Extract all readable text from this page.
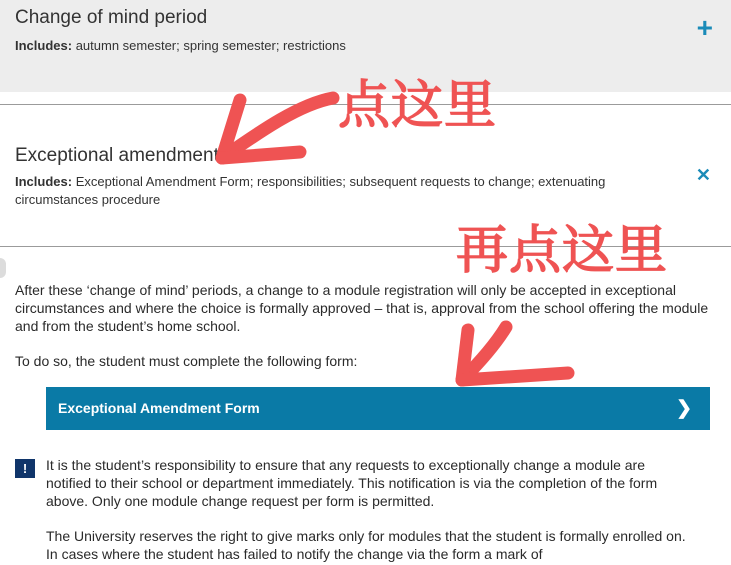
Change of mind period
Includes: autumn semester; spring semester; restrictions
+
Exceptional amendment
Includes: Exceptional Amendment Form; responsibilities; subsequent requests to change; extenuating circumstances procedure
✕
After these ‘change of mind’ periods, a change to a module registration will only be accepted in exceptional circumstances and where the choice is formally approved – that is, approval from the school offering the module and from the student’s home school.
To do so, the student must complete the following form:
Exceptional Amendment Form	❯
!	It is the student’s responsibility to ensure that any requests to exceptionally change a module are notified to their school or department immediately. This notification is via the completion of the form above. Only one module change request per form is permitted.
The University reserves the right to give marks only for modules that the student is formally enrolled on. In cases where the student has failed to notify the change via the form a mark of
点这里
再点这里
